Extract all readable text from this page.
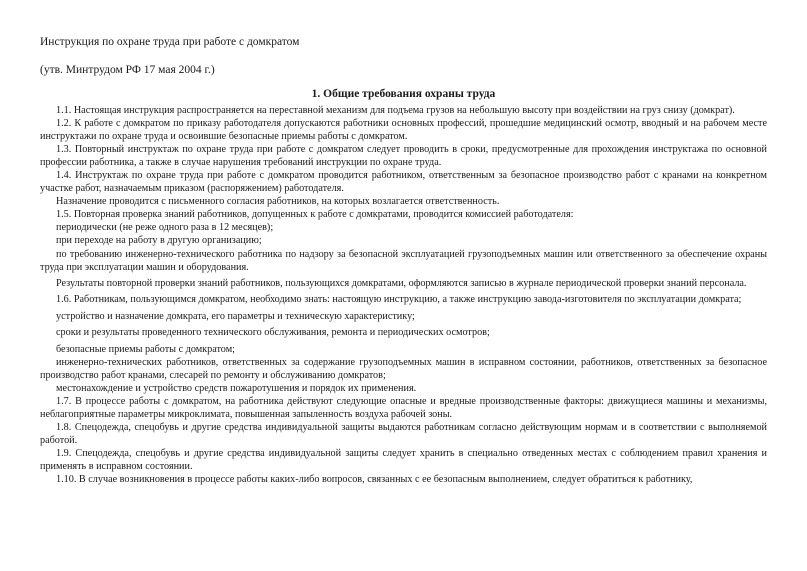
Инструкция по охране труда при работе с домкратом

(утв. Минтрудом РФ 17 мая 2004 г.)

1. Общие требования охраны труда

1.1. Настоящая инструкция распространяется на переставной механизм для подъема грузов на небольшую высоту при воздействии на груз снизу (домкрат).

1.2. К работе с домкратом по приказу работодателя допускаются работники основных профессий, прошедшие медицинский осмотр, вводный и на рабочем месте инструктажи по охране труда и освоившие безопасные приемы работы с домкратом.

1.3. Повторный инструктаж по охране труда при работе с домкратом следует проводить в сроки, предусмотренные для прохождения инструктажа по основной профессии работника, а также в случае нарушения требований инструкции по охране труда.

1.4. Инструктаж по охране труда при работе с домкратом проводится работником, ответственным за безопасное производство работ с кранами на конкретном участке работ, назначаемым приказом (распоряжением) работодателя.

Назначение проводится с письменного согласия работников, на которых возлагается ответственность.

1.5. Повторная проверка знаний работников, допущенных к работе с домкратами, проводится комиссией работодателя:

периодически (не реже одного раза в 12 месяцев);

при переходе на работу в другую организацию;

по требованию инженерно-технического работника по надзору за безопасной эксплуатацией грузоподъемных машин или ответственного за обеспечение охраны труда при эксплуатации машин и оборудования.

Результаты повторной проверки знаний работников, пользующихся домкратами, оформляются записью в журнале периодической проверки знаний персонала.

1.6. Работникам, пользующимся домкратом, необходимо знать: настоящую инструкцию, а также инструкцию завода-изготовителя по эксплуатации домкрата;

устройство и назначение домкрата, его параметры и техническую характеристику;

сроки и результаты проведенного технического обслуживания, ремонта и периодических осмотров;

безопасные приемы работы с домкратом;

инженерно-технических работников, ответственных за содержание грузоподъемных машин в исправном состоянии, работников, ответственных за безопасное производство работ кранами, слесарей по ремонту и обслуживанию домкратов;

местонахождение и устройство средств пожаротушения и порядок их применения.

1.7. В процессе работы с домкратом, на работника действуют следующие опасные и вредные производственные факторы: движущиеся машины и механизмы, неблагоприятные параметры микроклимата, повышенная запыленность воздуха рабочей зоны.

1.8. Спецодежда, спецобувь и другие средства индивидуальной защиты выдаются работникам согласно действующим нормам и в соответствии с выполняемой работой.

1.9. Спецодежда, спецобувь и другие средства индивидуальной защиты следует хранить в специально отведенных местах с соблюдением правил хранения и применять в исправном состоянии.

1.10. В случае возникновения в процессе работы каких-либо вопросов, связанных с ее безопасным выполнением, следует обратиться к работнику,
